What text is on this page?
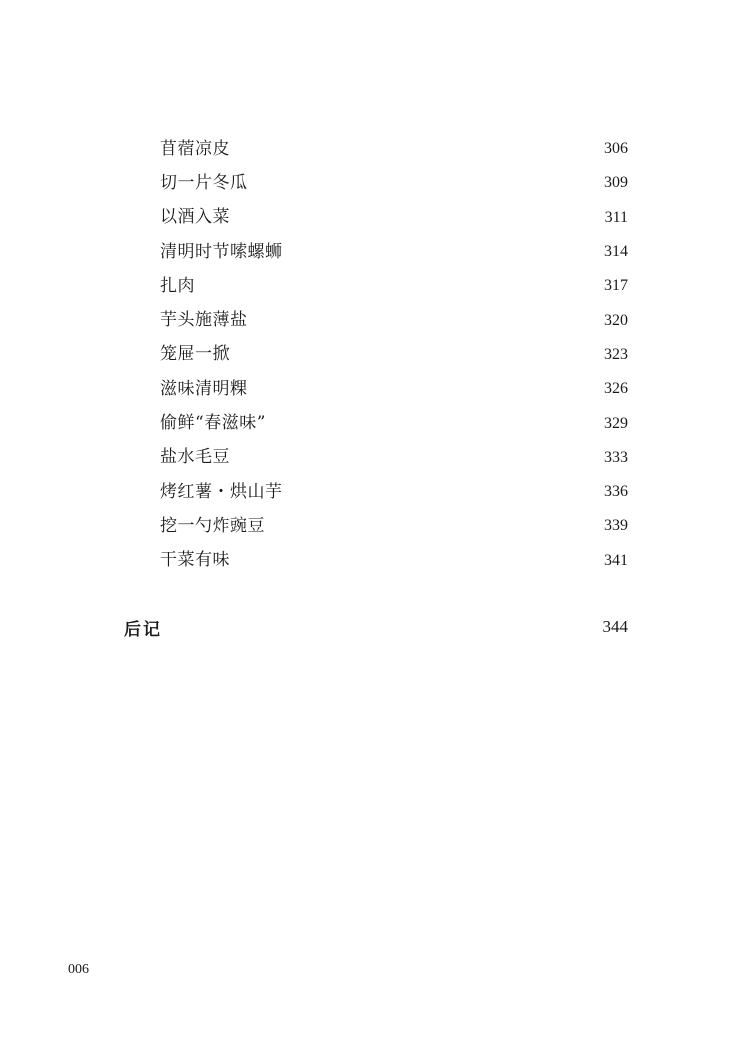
苜蓿凉皮	306
切一片冬瓜	309
以酒入菜	311
清明时节嗦螺蛳	314
扎肉	317
芋头施薄盐	320
笼屉一掀	323
滋味清明粿	326
偷鲜“春滋味”	329
盐水毛豆	333
烤红薯・烘山芋	336
挖一勺炸豌豆	339
干菜有味	341
后记	344
006
